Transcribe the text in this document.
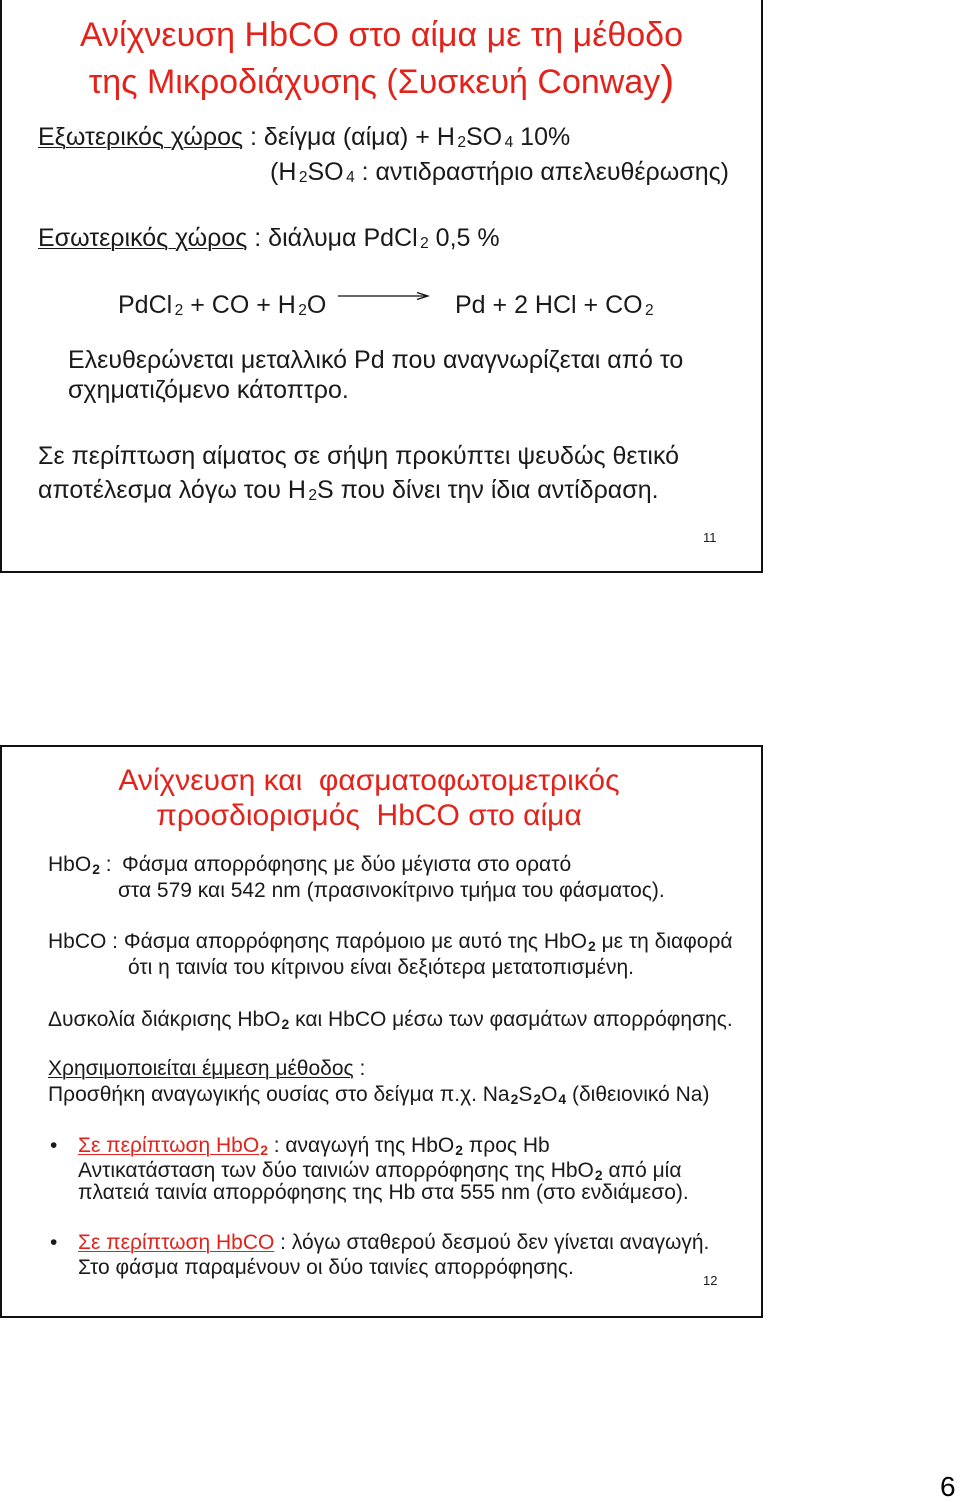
Ανίχνευση HbCO στο αίμα με τη μέθοδο
της Μικροδιάχυσης (Συσκευή Conway)
Εξωτερικός χώρος : δείγμα (αίμα) + H $_2$SO $_4$ 10%
(H $_2$SO $_4$ : αντιδραστήριο απελευθέρωσης)
Εσωτερικός χώρος : διάλυμα PdCl $_2$ 0,5 %
PdCl $_2$ + CO + H $_2$O	Pd + 2 HCl + CO $_2$
Ελευθερώνεται μεταλλικό Pd που αναγνωρίζεται από το
σχηματιζόμενο κάτοπτρο.
Σε περίπτωση αίματος σε σήψη προκύπτει ψευδώς θετικό
αποτέλεσμα λόγω του H $_2$S που δίνει την ίδια αντίδραση.
11
Ανίχνευση και  φασματοφωτομετρικός
προσδιορισμός  HbCO στο αίμα
HbO$_2$ : Φάσμα απορρόφησης με δύο μέγιστα στο ορατό
στα 579 και 542 nm (πρασινοκίτρινο τμήμα του φάσματος).
HbCO : Φάσμα απορρόφησης παρόμοιο με αυτό της HbO$_2$ με τη διαφορά
ότι η ταινία του κίτρινου είναι δεξιότερα μετατοπισμένη.
Δυσκολία διάκρισης HbO$_2$ και HbCO μέσω των φασμάτων απορρόφησης.
Χρησιμοποιείται έμμεση μέθοδος :
Προσθήκη αναγωγικής ουσίας στο δείγμα π.χ. $Na_2S_2O_4$ (διθειονικό Na)
• Σε περίπτωση HbO$_2$ : αναγωγή της HbO$_2$ προς Hb
Αντικατάσταση των δύο ταινιών απορρόφησης της HbO$_2$ από μία
πλατειά ταινία απορρόφησης της Hb στα 555 nm (στο ενδιάμεσο).
• Σε περίπτωση HbCO : λόγω σταθερού δεσμού δεν γίνεται αναγωγή.
Στο φάσμα παραμένουν οι δύο ταινίες απορρόφησης.
12
6
